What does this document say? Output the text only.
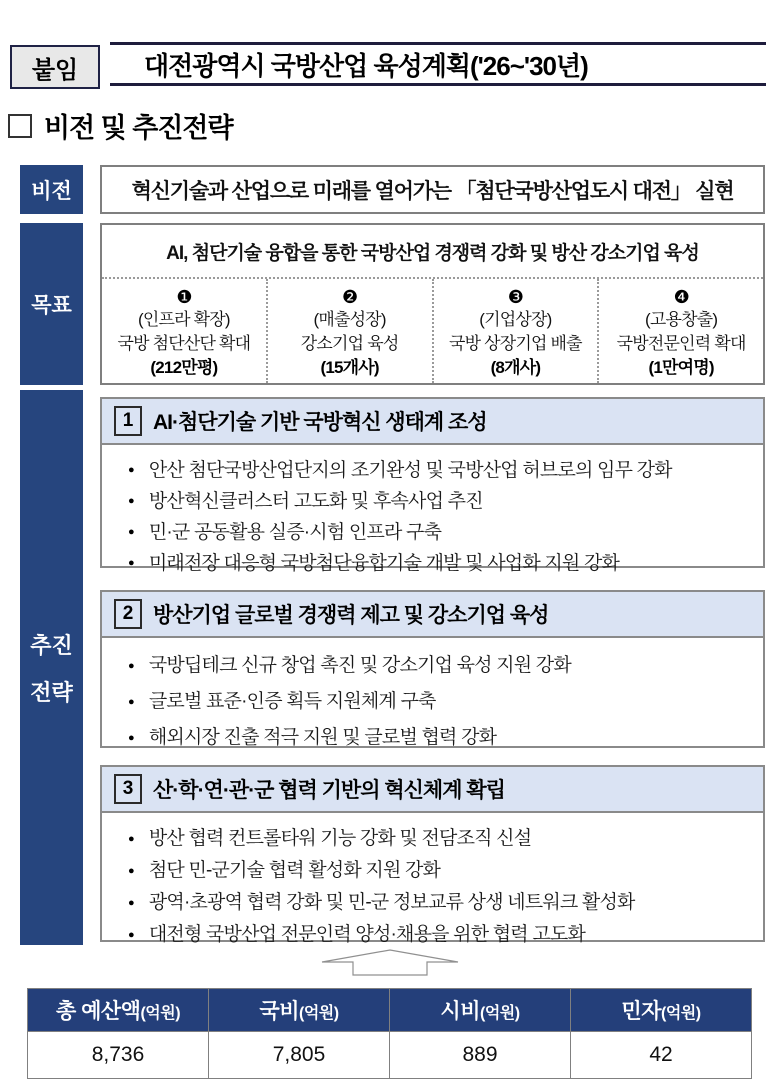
붙임	대전광역시 국방산업 육성계획('26~'30년)
비전 및 추진전략
비전	혁신기술과 산업으로 미래를 열어가는 「첨단국방산업도시 대전」 실현
목표
AI, 첨단기술 융합을 통한 국방산업 경쟁력 강화 및 방산 강소기업 육성
❶
(인프라 확장)
국방 첨단산단 확대
(212만평)
❷
(매출성장)
강소기업 육성
(15개사)
❸
(기업상장)
국방 상장기업 배출
(8개사)
❹
(고용창출)
국방전문인력 확대
(1만여명)
추진
전략
1 AI·첨단기술 기반 국방혁신 생태계 조성
● 안산 첨단국방산업단지의 조기완성 및 국방산업 허브로의 임무 강화
● 방산혁신클러스터 고도화 및 후속사업 추진
● 민·군 공동활용 실증·시험 인프라 구축
● 미래전장 대응형 국방첨단융합기술 개발 및 사업화 지원 강화
2 방산기업 글로벌 경쟁력 제고 및 강소기업 육성
● 국방딥테크 신규 창업 촉진 및 강소기업 육성 지원 강화
● 글로벌 표준·인증 획득 지원체계 구축
● 해외시장 진출 적극 지원 및 글로벌 협력 강화
3 산·학·연·관·군 협력 기반의 혁신체계 확립
● 방산 협력 컨트롤타워 기능 강화 및 전담조직 신설
● 첨단 민-군기술 협력 활성화 지원 강화
● 광역·초광역 협력 강화 및 민-군 정보교류 상생 네트워크 활성화
● 대전형 국방산업 전문인력 양성·채용을 위한 협력 고도화
총 예산액(억원)	국비(억원)	시비(억원)	민자(억원)
8,736	7,805	889	42
